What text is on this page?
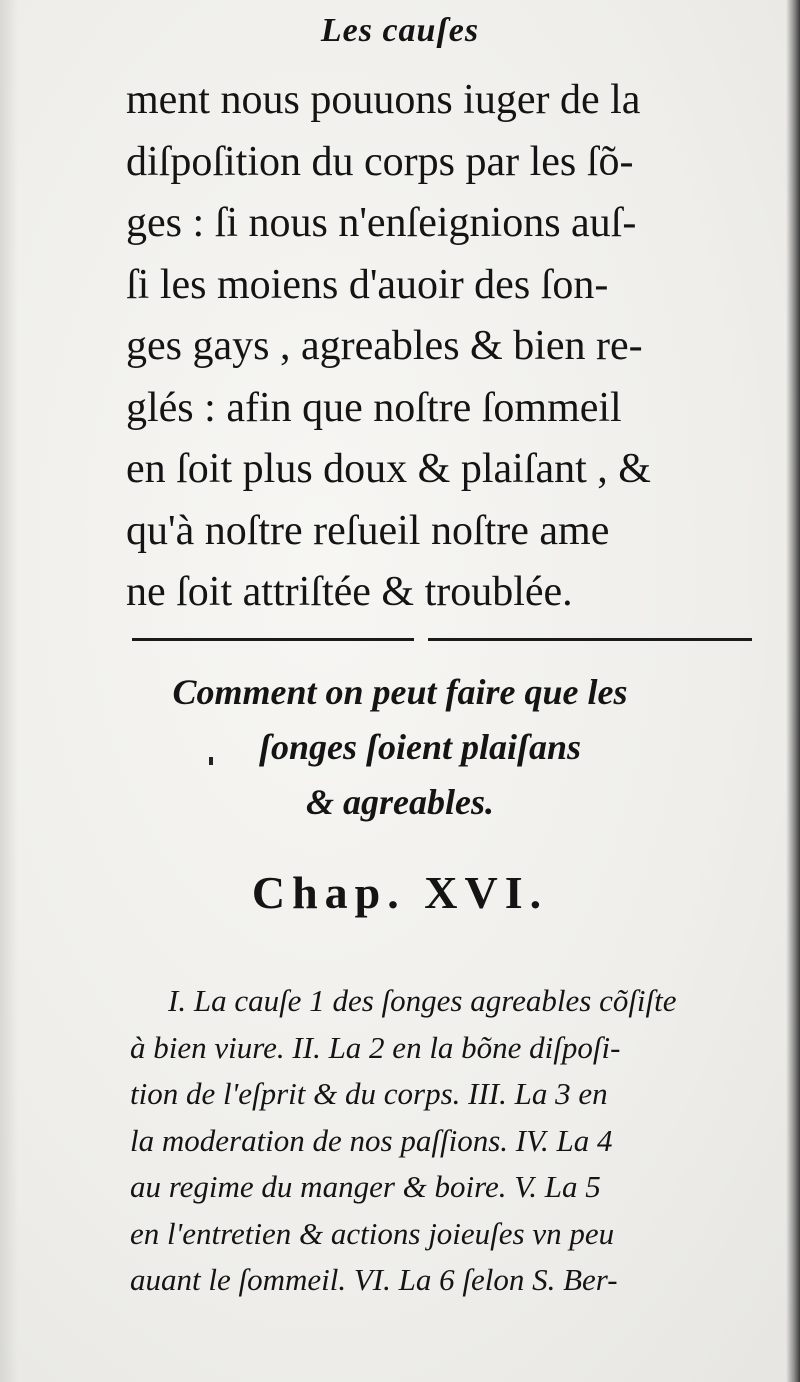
Les cauſes
ment nous pouuons iuger de la
diſpoſition du corps par les ſõ-
ges : ſi nous n'enſeignions auſ-
ſi les moiens d'auoir des ſon-
ges gays , agreables & bien re-
glés : afin que noſtre ſommeil
en ſoit plus doux & plaiſant , &
qu'à noſtre reſueil noſtre ame
ne ſoit attriſtée & troublée.
Comment on peut faire que les
ſonges ſoient plaiſans
& agreables.
Chap. XVI.
I. La cauſe 1 des ſonges agreables cõſiſte
à bien viure. II. La 2 en la bõne diſpoſi-
tion de l'eſprit & du corps. III. La 3 en
la moderation de nos paſſions. IV. La 4
au regime du manger & boire. V. La 5
en l'entretien & actions joieuſes vn peu
auant le ſommeil. VI. La 6 ſelon S. Ber-
